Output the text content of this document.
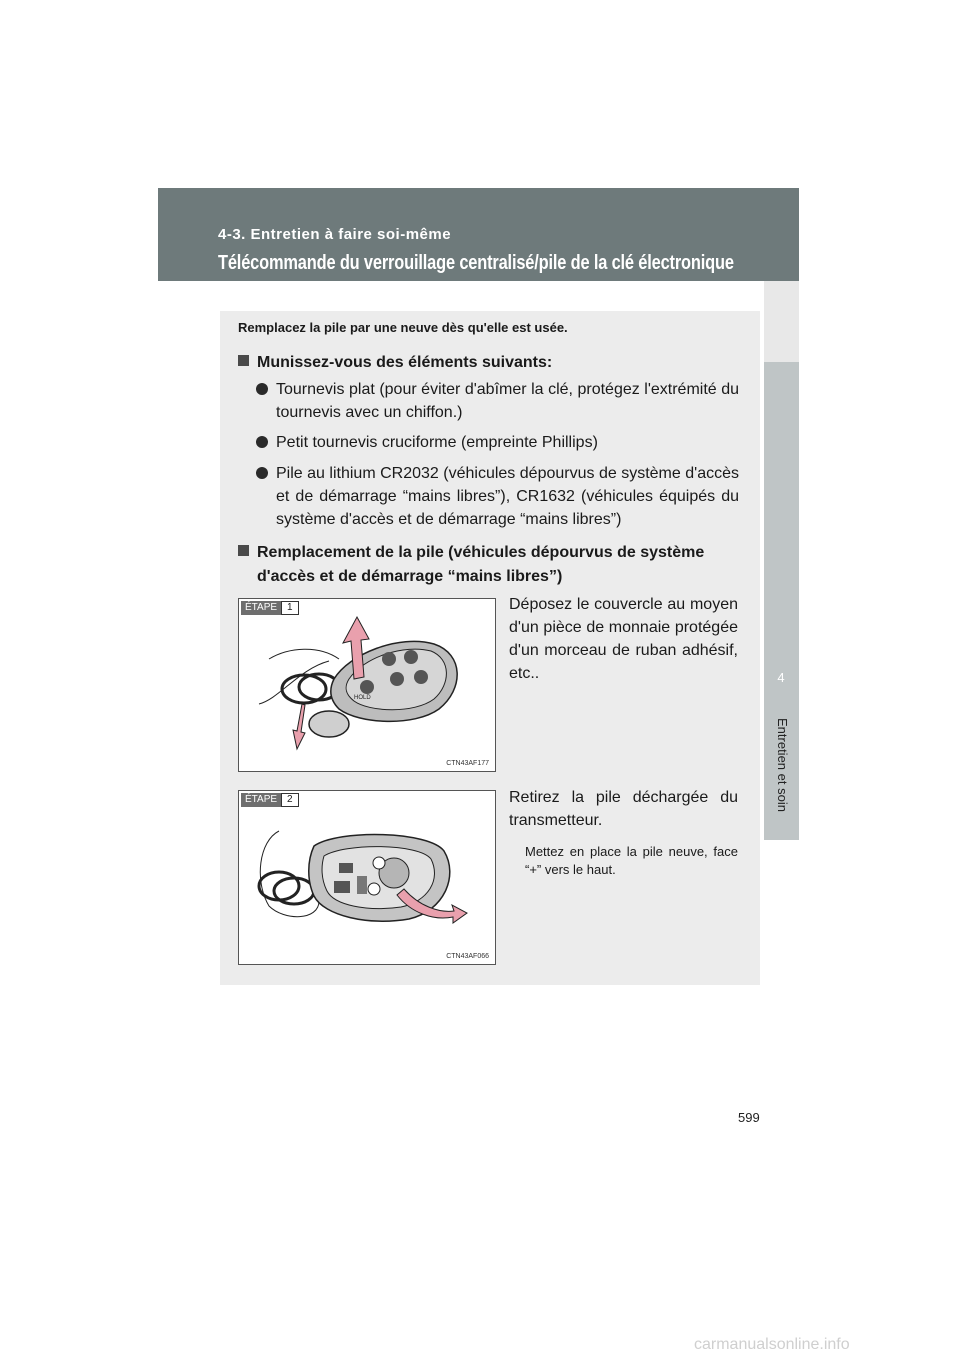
4-3. Entretien à faire soi-même
Télécommande du verrouillage centralisé/pile de la clé électronique
4
Entretien et soin
Remplacez la pile par une neuve dès qu'elle est usée.
Munissez-vous des éléments suivants:
Tournevis plat (pour éviter d'abîmer la clé, protégez l'extrémité du tournevis avec un chiffon.)
Petit tournevis cruciforme (empreinte Phillips)
Pile au lithium CR2032 (véhicules dépourvus de système d'accès et de démarrage “mains libres”), CR1632 (véhicules équipés du système d'accès et de démarrage “mains libres”)
Remplacement de la pile (véhicules dépourvus de système
d'accès et de démarrage “mains libres”)
ÉTAPE	1
HOLD
CTN43AF177
Déposez le couvercle au moyen d'un pièce de monnaie protégée d'un morceau de ruban adhésif, etc..
ÉTAPE	2
CTN43AF066
Retirez la pile déchargée du transmetteur.
Mettez en place la pile neuve, face “+” vers le haut.
599
carmanualsonline.info
